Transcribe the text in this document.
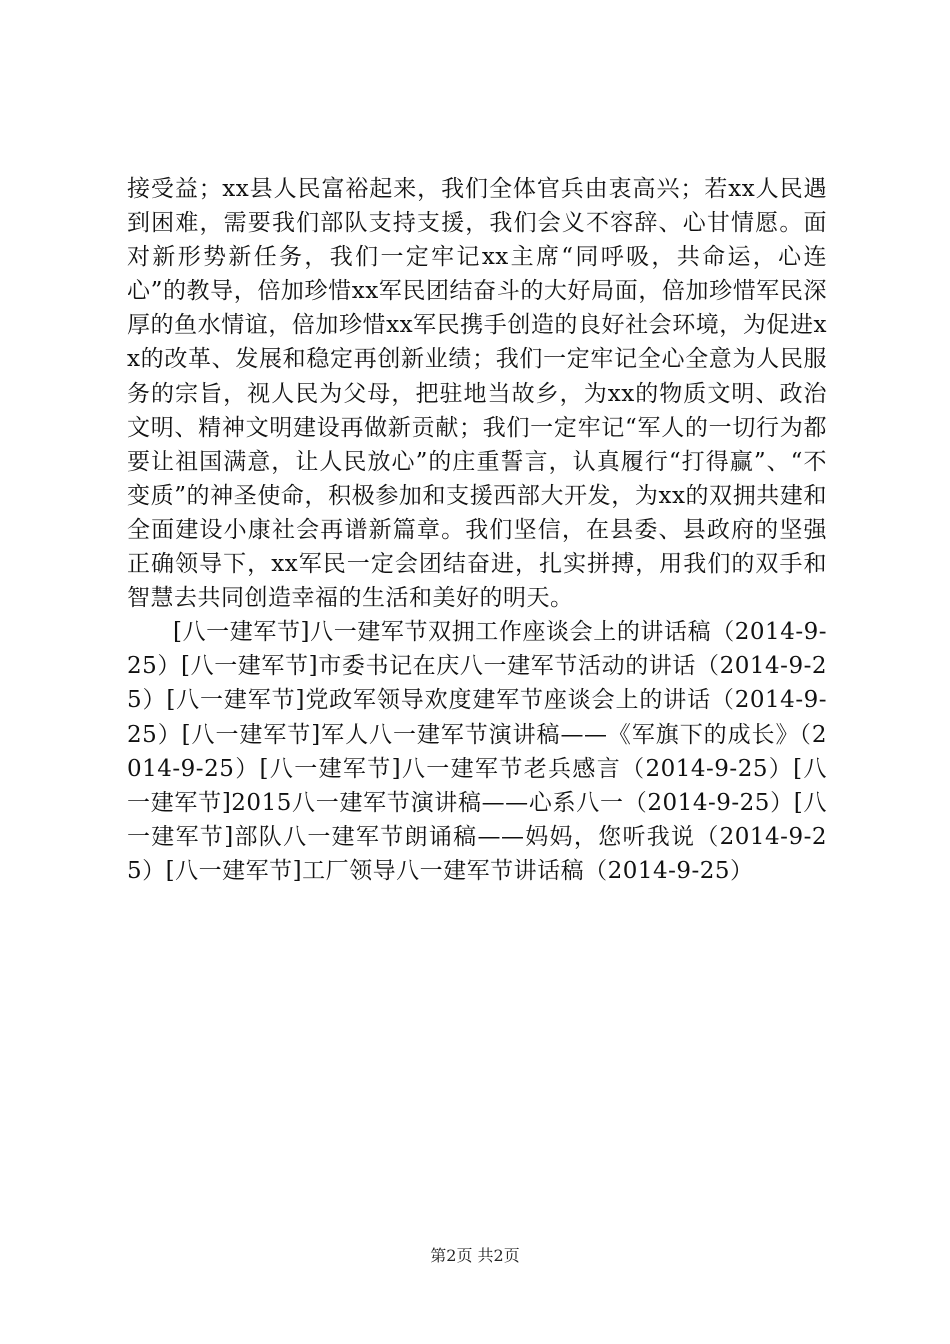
接受益；xx县人民富裕起来，我们全体官兵由衷高兴；若xx人民遇到困难，需要我们部队支持支援，我们会义不容辞、心甘情愿。面对新形势新任务，我们一定牢记xx主席“同呼吸，共命运，心连心”的教导，倍加珍惜xx军民团结奋斗的大好局面，倍加珍惜军民深厚的鱼水情谊，倍加珍惜xx军民携手创造的良好社会环境，为促进xx的改革、发展和稳定再创新业绩；我们一定牢记全心全意为人民服务的宗旨，视人民为父母，把驻地当故乡，为xx的物质文明、政治文明、精神文明建设再做新贡献；我们一定牢记“军人的一切行为都要让祖国满意，让人民放心”的庄重誓言，认真履行“打得赢”、“不变质”的神圣使命，积极参加和支援西部大开发，为xx的双拥共建和全面建设小康社会再谱新篇章。我们坚信，在县委、县政府的坚强正确领导下，xx军民一定会团结奋进，扎实拼搏，用我们的双手和智慧去共同创造幸福的生活和美好的明天。

[八一建军节]八一建军节双拥工作座谈会上的讲话稿（2014-9-25）[八一建军节]市委书记在庆八一建军节活动的讲话（2014-9-25）[八一建军节]党政军领导欢度建军节座谈会上的讲话（2014-9-25）[八一建军节]军人八一建军节演讲稿——《军旗下的成长》（2014-9-25）[八一建军节]八一建军节老兵感言（2014-9-25）[八一建军节]2015八一建军节演讲稿——心系八一（2014-9-25）[八一建军节]部队八一建军节朗诵稿——妈妈，您听我说（2014-9-25）[八一建军节]工厂领导八一建军节讲话稿（2014-9-25）

第2页 共2页
